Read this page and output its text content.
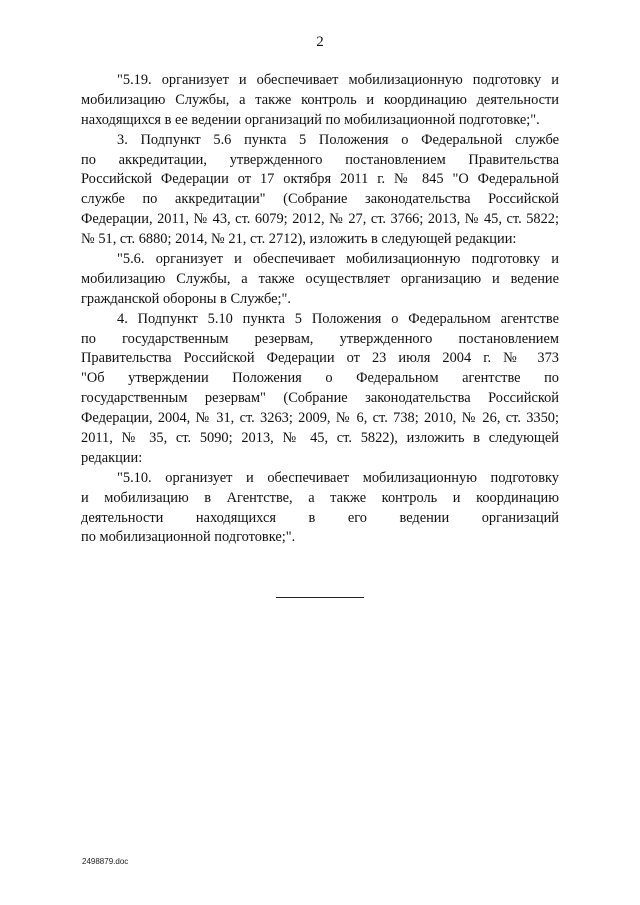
2
"5.19. организует и обеспечивает мобилизационную подготовку и
мобилизацию Службы, а также контроль и координацию деятельности
находящихся в ее ведении организаций по мобилизационной подготовке;".
3. Подпункт 5.6 пункта 5 Положения о Федеральной службе
по аккредитации, утвержденного постановлением Правительства
Российской Федерации от 17 октября 2011 г. № 845 "О Федеральной
службе по аккредитации" (Собрание законодательства Российской
Федерации, 2011, № 43, ст. 6079; 2012, № 27, ст. 3766; 2013, № 45, ст. 5822;
№ 51, ст. 6880; 2014, № 21, ст. 2712), изложить в следующей редакции:
"5.6. организует и обеспечивает мобилизационную подготовку и
мобилизацию Службы, а также осуществляет организацию и ведение
гражданской обороны в Службе;".
4. Подпункт 5.10 пункта 5 Положения о Федеральном агентстве
по государственным резервам, утвержденного постановлением
Правительства Российской Федерации от 23 июля 2004 г. № 373
"Об утверждении Положения о Федеральном агентстве по
государственным резервам" (Собрание законодательства Российской
Федерации, 2004, № 31, ст. 3263; 2009, № 6, ст. 738; 2010, № 26, ст. 3350;
2011, № 35, ст. 5090; 2013, № 45, ст. 5822), изложить в следующей
редакции:
"5.10. организует и обеспечивает мобилизационную подготовку
и мобилизацию в Агентстве, а также контроль и координацию
деятельности находящихся в его ведении организаций
по мобилизационной подготовке;".
2498879.doc
